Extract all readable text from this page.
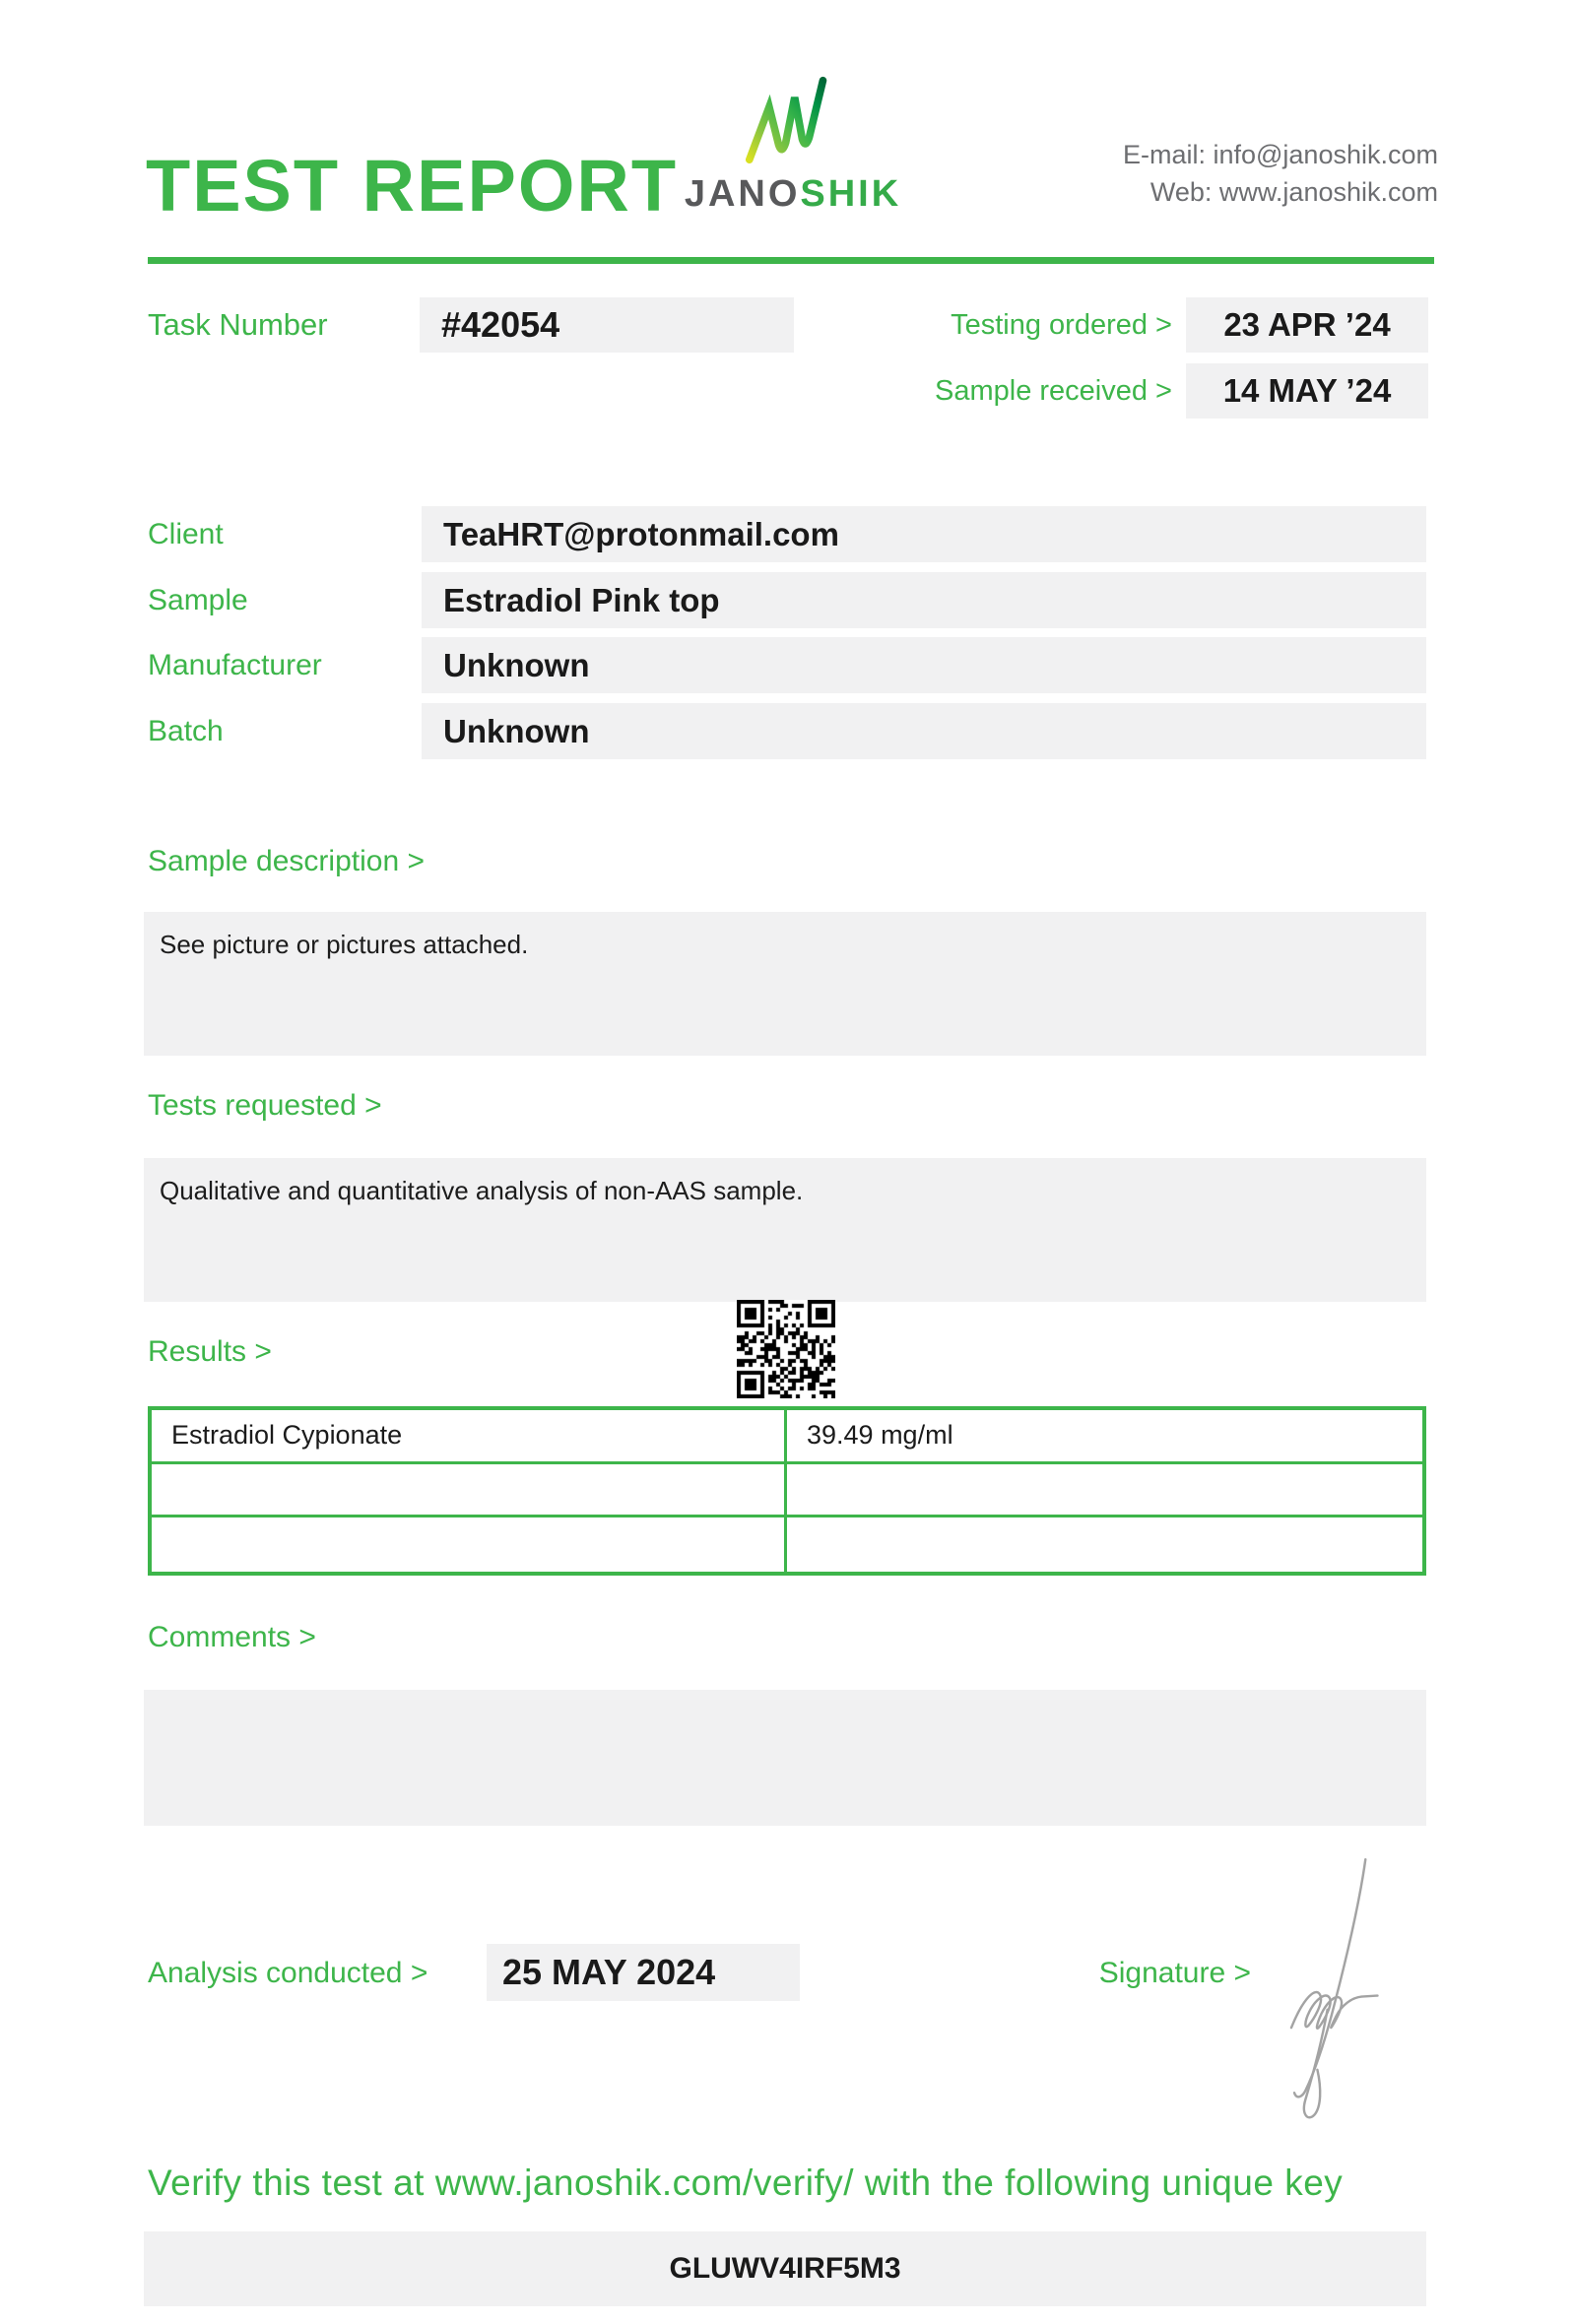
TEST REPORT JANOSHIK
E-mail: info@janoshik.com
Web: www.janoshik.com
Task Number	#42054	Testing ordered >	23 APR ’24
Sample received >	14 MAY ’24
Client	TeaHRT@protonmail.com
Sample	Estradiol Pink top
Manufacturer	Unknown
Batch	Unknown
Sample description >
See picture or pictures attached.
Tests requested >
Qualitative and quantitative analysis of non-AAS sample.
Results >
Estradiol Cypionate	39.49 mg/ml
Comments >
Analysis conducted >	25 MAY 2024	Signature >
Verify this test at www.janoshik.com/verify/ with the following unique key
GLUWV4IRF5M3
